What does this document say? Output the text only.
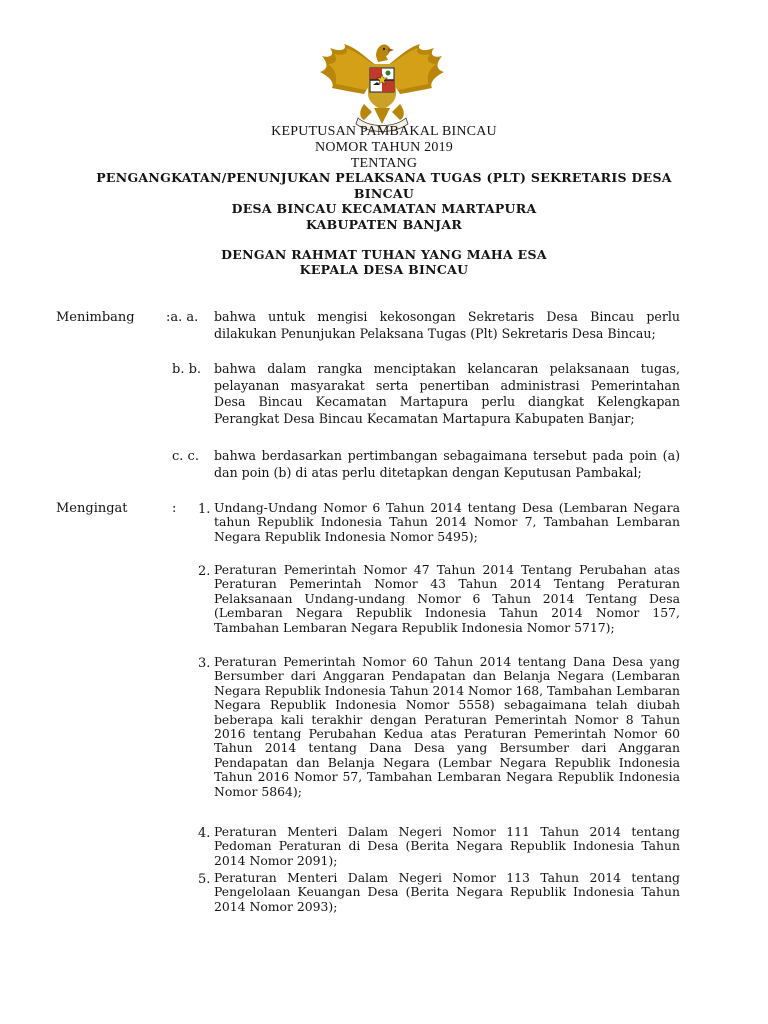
KEPUTUSAN PAMBAKAL BINCAU
NOMOR TAHUN 2019
TENTANG
PENGANGKATAN/PENUNJUKAN PELAKSANA TUGAS (PLT) SEKRETARIS DESA
BINCAU
DESA BINCAU KECAMATAN MARTAPURA
KABUPATEN BANJAR
DENGAN RAHMAT TUHAN YANG MAHA ESA
KEPALA DESA BINCAU
Menimbang :a. a. bahwa untuk mengisi kekosongan Sekretaris Desa Bincau perlu dilakukan Penunjukan Pelaksana Tugas (Plt) Sekretaris Desa Bincau;

b. b. bahwa dalam rangka menciptakan kelancaran pelaksanaan tugas, pelayanan masyarakat serta penertiban administrasi Pemerintahan Desa Bincau Kecamatan Martapura perlu diangkat Kelengkapan Perangkat Desa Bincau Kecamatan Martapura Kabupaten Banjar;

c. c. bahwa berdasarkan pertimbangan sebagaimana tersebut pada poin (a) dan poin (b) di atas perlu ditetapkan dengan Keputusan Pambakal;

Mengingat	: 1. Undang-Undang Nomor 6 Tahun 2014 tentang Desa (Lembaran Negara tahun Republik Indonesia Tahun 2014 Nomor 7, Tambahan Lembaran Negara Republik Indonesia Nomor 5495);

2. Peraturan Pemerintah Nomor 47 Tahun 2014 Tentang Perubahan atas Peraturan Pemerintah Nomor 43 Tahun 2014 Tentang Peraturan Pelaksanaan Undang-undang Nomor 6 Tahun 2014 Tentang Desa (Lembaran Negara Republik Indonesia Tahun 2014 Nomor 157, Tambahan Lembaran Negara Republik Indonesia Nomor 5717);

3. Peraturan Pemerintah Nomor 60 Tahun 2014 tentang Dana Desa yang Bersumber dari Anggaran Pendapatan dan Belanja Negara (Lembaran Negara Republik Indonesia Tahun 2014 Nomor 168, Tambahan Lembaran Negara Republik Indonesia Nomor 5558) sebagaimana telah diubah beberapa kali terakhir dengan Peraturan Pemerintah Nomor 8 Tahun 2016 tentang Perubahan Kedua atas Peraturan Pemerintah Nomor 60 Tahun 2014 tentang Dana Desa yang Bersumber dari Anggaran Pendapatan dan Belanja Negara (Lembar Negara Republik Indonesia Tahun 2016 Nomor 57, Tambahan Lembaran Negara Republik Indonesia Nomor 5864);

4. Peraturan Menteri Dalam Negeri Nomor 111 Tahun 2014 tentang Pedoman Peraturan di Desa (Berita Negara Republik Indonesia Tahun 2014 Nomor 2091);

5. Peraturan Menteri Dalam Negeri Nomor 113 Tahun 2014 tentang Pengelolaan Keuangan Desa (Berita Negara Republik Indonesia Tahun 2014 Nomor 2093);
